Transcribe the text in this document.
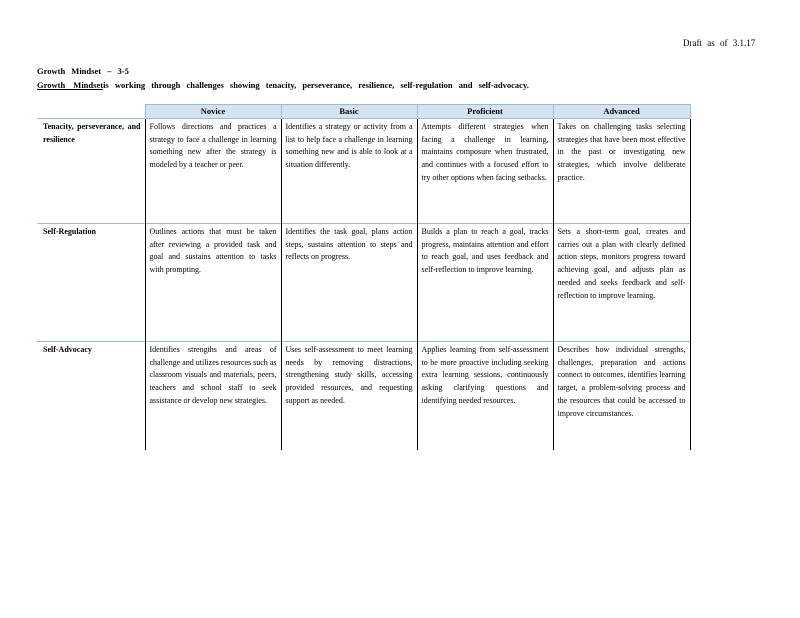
Draft as of 3.1.17
Growth Mindset – 3-5
Growth Mindsetis working through challenges showing tenacity, perseverance, resilience, self-regulation and self-advocacy.
	Novice	Basic	Proficient	Advanced
Tenacity, perseverance, and resilience	Follows directions and practices a strategy to face a challenge in learning something new after the strategy is modeled by a teacher or peer.	Identifies a strategy or activity from a list to help face a challenge in learning something new and is able to look at a situation differently.	Attempts different strategies when facing a challenge in learning, maintains composure when frustrated, and continues with a focused effort to try other options when facing setbacks.	Takes on challenging tasks selecting strategies that have been most effective in the past or investigating new strategies, which involve deliberate practice.
Self-Regulation	Outlines actions that must be taken after reviewing a provided task and goal and sustains attention to tasks with prompting.	Identifies the task goal, plans action steps, sustains attention to steps and reflects on progress.	Builds a plan to reach a goal, tracks progress, maintains attention and effort to reach goal, and uses feedback and self-reflection to improve learning.	Sets a short-term goal, creates and carries out a plan with clearly defined action steps, monitors progress toward achieving goal, and adjusts plan as needed and seeks feedback and self-reflection to improve learning.
Self-Advocacy	Identifies strengths and areas of challenge and utilizes resources such as classroom visuals and materials, peers, teachers and school staff to seek assistance or develop new strategies.	Uses self-assessment to meet learning needs by removing distractions, strengthening study skills, accessing provided resources, and requesting support as needed.	Applies learning from self-assessment to be more proactive including seeking extra learning sessions, continuously asking clarifying questions and identifying needed resources.	Describes how individual strengths, challenges, preparation and actions connect to outcomes, identifies learning target, a problem-solving process and the resources that could be accessed to improve circumstances.
